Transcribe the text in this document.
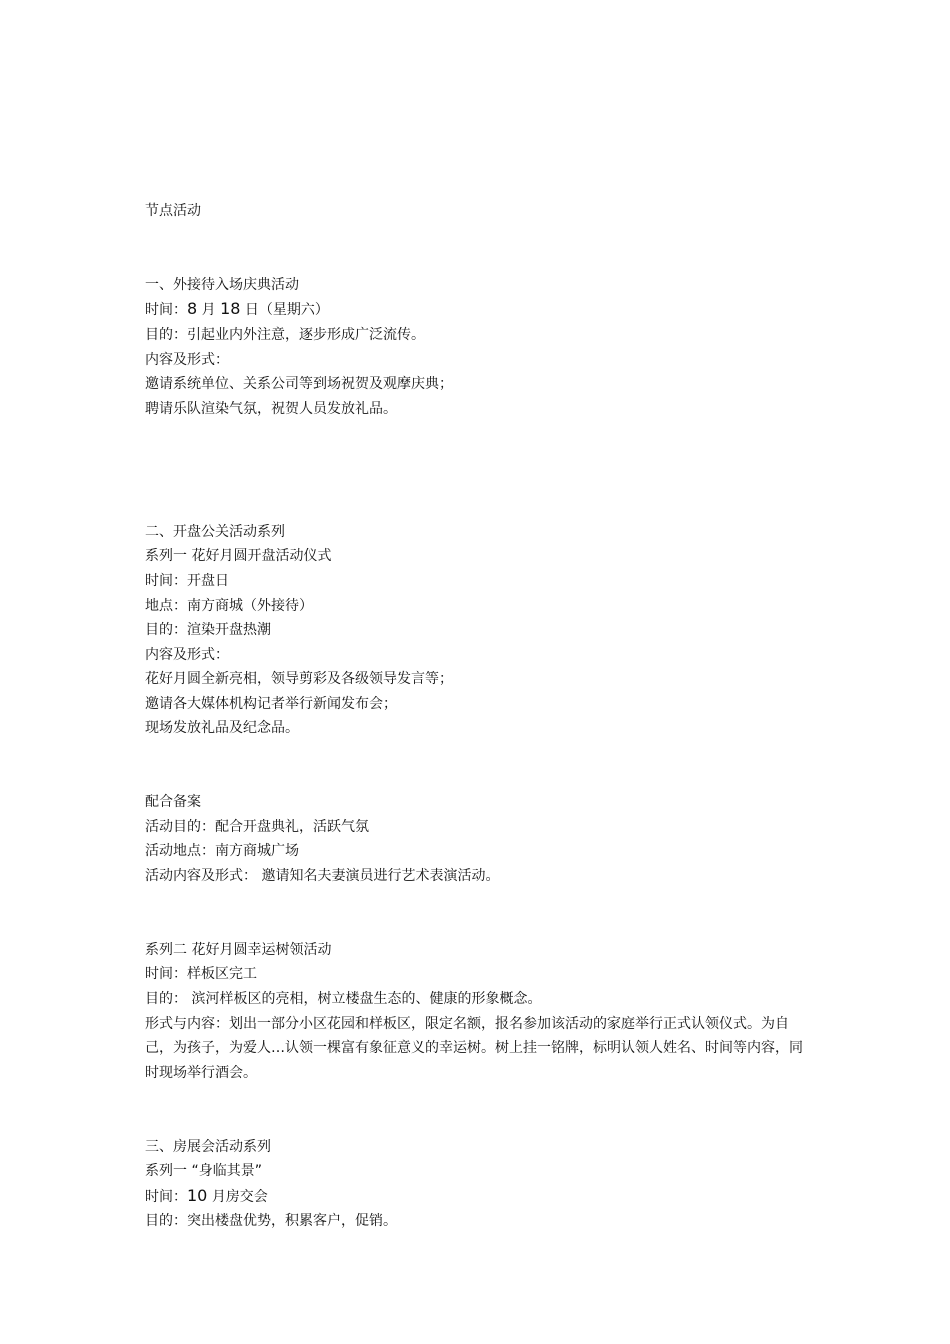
节点活动

一、外接待入场庆典活动

时间：8 月 18 日（星期六）

目的：引起业内外注意，逐步形成广泛流传。

内容及形式：

邀请系统单位、关系公司等到场祝贺及观摩庆典；

聘请乐队渲染气氛，祝贺人员发放礼品。

二、开盘公关活动系列

系列一 花好月圆开盘活动仪式

时间：开盘日

地点：南方商城（外接待）

目的：渲染开盘热潮

内容及形式：

花好月圆全新亮相，领导剪彩及各级领导发言等；

邀请各大媒体机构记者举行新闻发布会；

现场发放礼品及纪念品。

配合备案

活动目的：配合开盘典礼，活跃气氛

活动地点：南方商城广场

活动内容及形式： 邀请知名夫妻演员进行艺术表演活动。

系列二 花好月圆幸运树领活动

时间：样板区完工

目的： 滨河样板区的亮相，树立楼盘生态的、健康的形象概念。

形式与内容：划出一部分小区花园和样板区，限定名额，报名参加该活动的家庭举行正式认领仪式。为自己，为孩子，为爱人…认领一棵富有象征意义的幸运树。树上挂一铭牌，标明认领人姓名、时间等内容，同时现场举行酒会。

三、房展会活动系列

系列一 “身临其景”

时间：10 月房交会

目的：突出楼盘优势，积累客户，促销。
